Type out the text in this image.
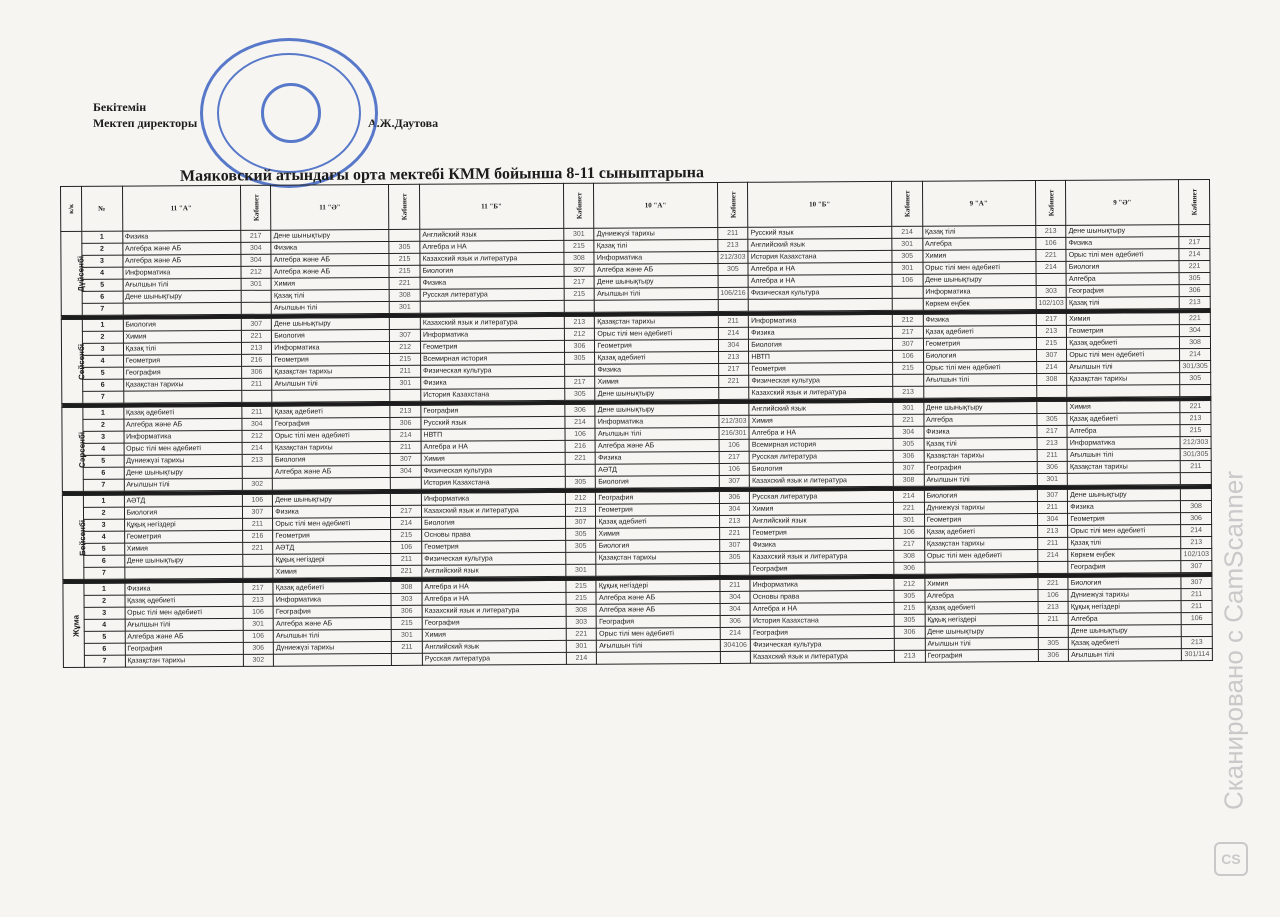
Бекітемін
Мектеп директоры	А.Ж.Даутова
Маяковский атындағы орта мектебі КММ бойынша 8-11 сыныптарына
к/к	№	11 "А"	Кабинет	11 "Ә"	Кабинет	11 "Б"	Кабинет	10 "А"	Кабинет	10 "Б"	Кабинет	9 "А"	Кабинет	9 "Ә"	Кабинет
Дүйсенбі	1	Физика	217	Дене шынықтыру		Английский язык	301	Дүниежүзі тарихы	211	Русский язык	214	Қазақ тілі	213	Дене шынықтыру	
	2	Алгебра және АБ	304	Физика	305	Алгебра и НА	215	Қазақ тілі	213	Английский язык	301	Алгебра	106	Физика	217
	3	Алгебра және АБ	304	Алгебра және АБ	215	Казахский язык и литература	308	Информатика	212/303	История Казахстана	305	Химия	221	Орыс тілі мен әдебиеті	214
	4	Информатика	212	Алгебра және АБ	215	Биология	307	Алгебра және АБ	305	Алгебра и НА	301	Орыс тілі мен әдебиеті	214	Биология	221
	5	Ағылшын тілі	301	Химия	221	Физика	217	Дене шынықтыру		Алгебра и НА	106	Дене шынықтыру		Алгебра	305
	6	Дене шынықтыру		Қазақ тілі	308	Русская литература	215	Ағылшын тілі	106/216	Физическая культура		Информатика	303	География	306
	7			Ағылшын тілі	301							Көркем еңбек	102/103	Қазақ тілі	213

Сейсенбі	1	Биология	307	Дене шынықтыру		Казахский язык и литература	213	Қазақстан тарихы	211	Информатика	212	Физика	217	Химия	221
	2	Химия	221	Биология	307	Информатика	212	Орыс тілі мен әдебиеті	214	Физика	217	Қазақ әдебиеті	213	Геометрия	304
	3	Қазақ тілі	213	Информатика	212	Геометрия	306	Геометрия	304	Биология	307	Геометрия	215	Қазақ әдебиеті	308
	4	Геометрия	216	Геометрия	215	Всемирная история	305	Қазақ әдебиеті	213	НВТП	106	Биология	307	Орыс тілі мен әдебиеті	214
	5	География	306	Қазақстан тарихы	211	Физическая культура		Физика	217	Геометрия	215	Орыс тілі мен әдебиеті	214	Ағылшын тілі	301/305
	6	Қазақстан тарихы	211	Ағылшын тілі	301	Физика	217	Химия	221	Физическая культура		Ағылшын тілі	308	Қазақстан тарихы	305
	7					История Казахстана	305	Дене шынықтыру		Казахский язык и литература	213				

Сәрсенбі	1	Қазақ әдебиеті	211	Қазақ әдебиеті	213	География	306	Дене шынықтыру		Английский язык	301	Дене шынықтыру		Химия	221
	2	Алгебра және АБ	304	География	306	Русский язык	214	Информатика	212/303	Химия	221	Алгебра	305	Қазақ әдебиеті	213
	3	Информатика	212	Орыс тілі мен әдебиеті	214	НВТП	106	Ағылшын тілі	216/301	Алгебра и НА	304	Физика	217	Алгебра	215
	4	Орыс тілі мен әдебиеті	214	Қазақстан тарихы	211	Алгебра и НА	216	Алгебра және АБ	106	Всемирная история	305	Қазақ тілі	213	Информатика	212/303
	5	Дүниежүзі тарихы	213	Биология	307	Химия	221	Физика	217	Русская литература	306	Қазақстан тарихы	211	Ағылшын тілі	301/305
	6	Дене шынықтыру		Алгебра және АБ	304	Физическая культура		АӘТД	106	Биология	307	География	306	Қазақстан тарихы	211
	7	Ағылшын тілі	302			История Казахстана	305	Биология	307	Казахский язык и литература	308	Ағылшын тілі	301		

Бейсенбі	1	АӘТД	106	Дене шынықтыру		Информатика	212	География	306	Русская литература	214	Биология	307	Дене шынықтыру	
	2	Биология	307	Физика	217	Казахский язык и литература	213	Геометрия	304	Химия	221	Дүниежүзі тарихы	211	Физика	308
	3	Құқық негіздері	211	Орыс тілі мен әдебиеті	214	Биология	307	Қазақ әдебиеті	213	Английский язык	301	Геометрия	304	Геометрия	306
	4	Геометрия	216	Геометрия	215	Основы права	305	Химия	221	Геометрия	106	Қазақ әдебиеті	213	Орыс тілі мен әдебиеті	214
	5	Химия	221	АӘТД	106	Геометрия	305	Биология	307	Физика	217	Қазақстан тарихы	211	Қазақ тілі	213
	6	Дене шынықтыру		Құқық негіздері	211	Физическая культура		Қазақстан тарихы	305	Казахский язык и литература	308	Орыс тілі мен әдебиеті	214	Көркем еңбек	102/103
	7			Химия	221	Английский язык	301			География	306			География	307

Жұма	1	Физика	217	Қазақ әдебиеті	308	Алгебра и НА	215	Құқық негіздері	211	Информатика	212	Химия	221	Биология	307
	2	Қазақ әдебиеті	213	Информатика	303	Алгебра и НА	215	Алгебра және АБ	304	Основы права	305	Алгебра	106	Дүниежүзі тарихы	211
	3	Орыс тілі мен әдебиеті	106	География	306	Казахский язык и литература	308	Алгебра және АБ	304	Алгебра и НА	215	Қазақ әдебиеті	213	Құқық негіздері	211
	4	Ағылшын тілі	301	Алгебра және АБ	215	География	303	География	306	История Казахстана	305	Құқық негіздері	211	Алгебра	106
	5	Алгебра және АБ	106	Ағылшын тілі	301	Химия	221	Орыс тілі мен әдебиеті	214	География	306	Дене шынықтыру		Дене шынықтыру	
	6	География	306	Дүниежүзі тарихы	211	Английский язык	301	Ағылшын тілі	304106	Физическая культура		Ағылшын тілі	305	Қазақ әдебиеті	213
	7	Қазақстан тарихы	302			Русская литература	214			Казахский язык и литература	213	География	306	Ағылшын тілі	301/114 Сканировано с CamScanner
CS
